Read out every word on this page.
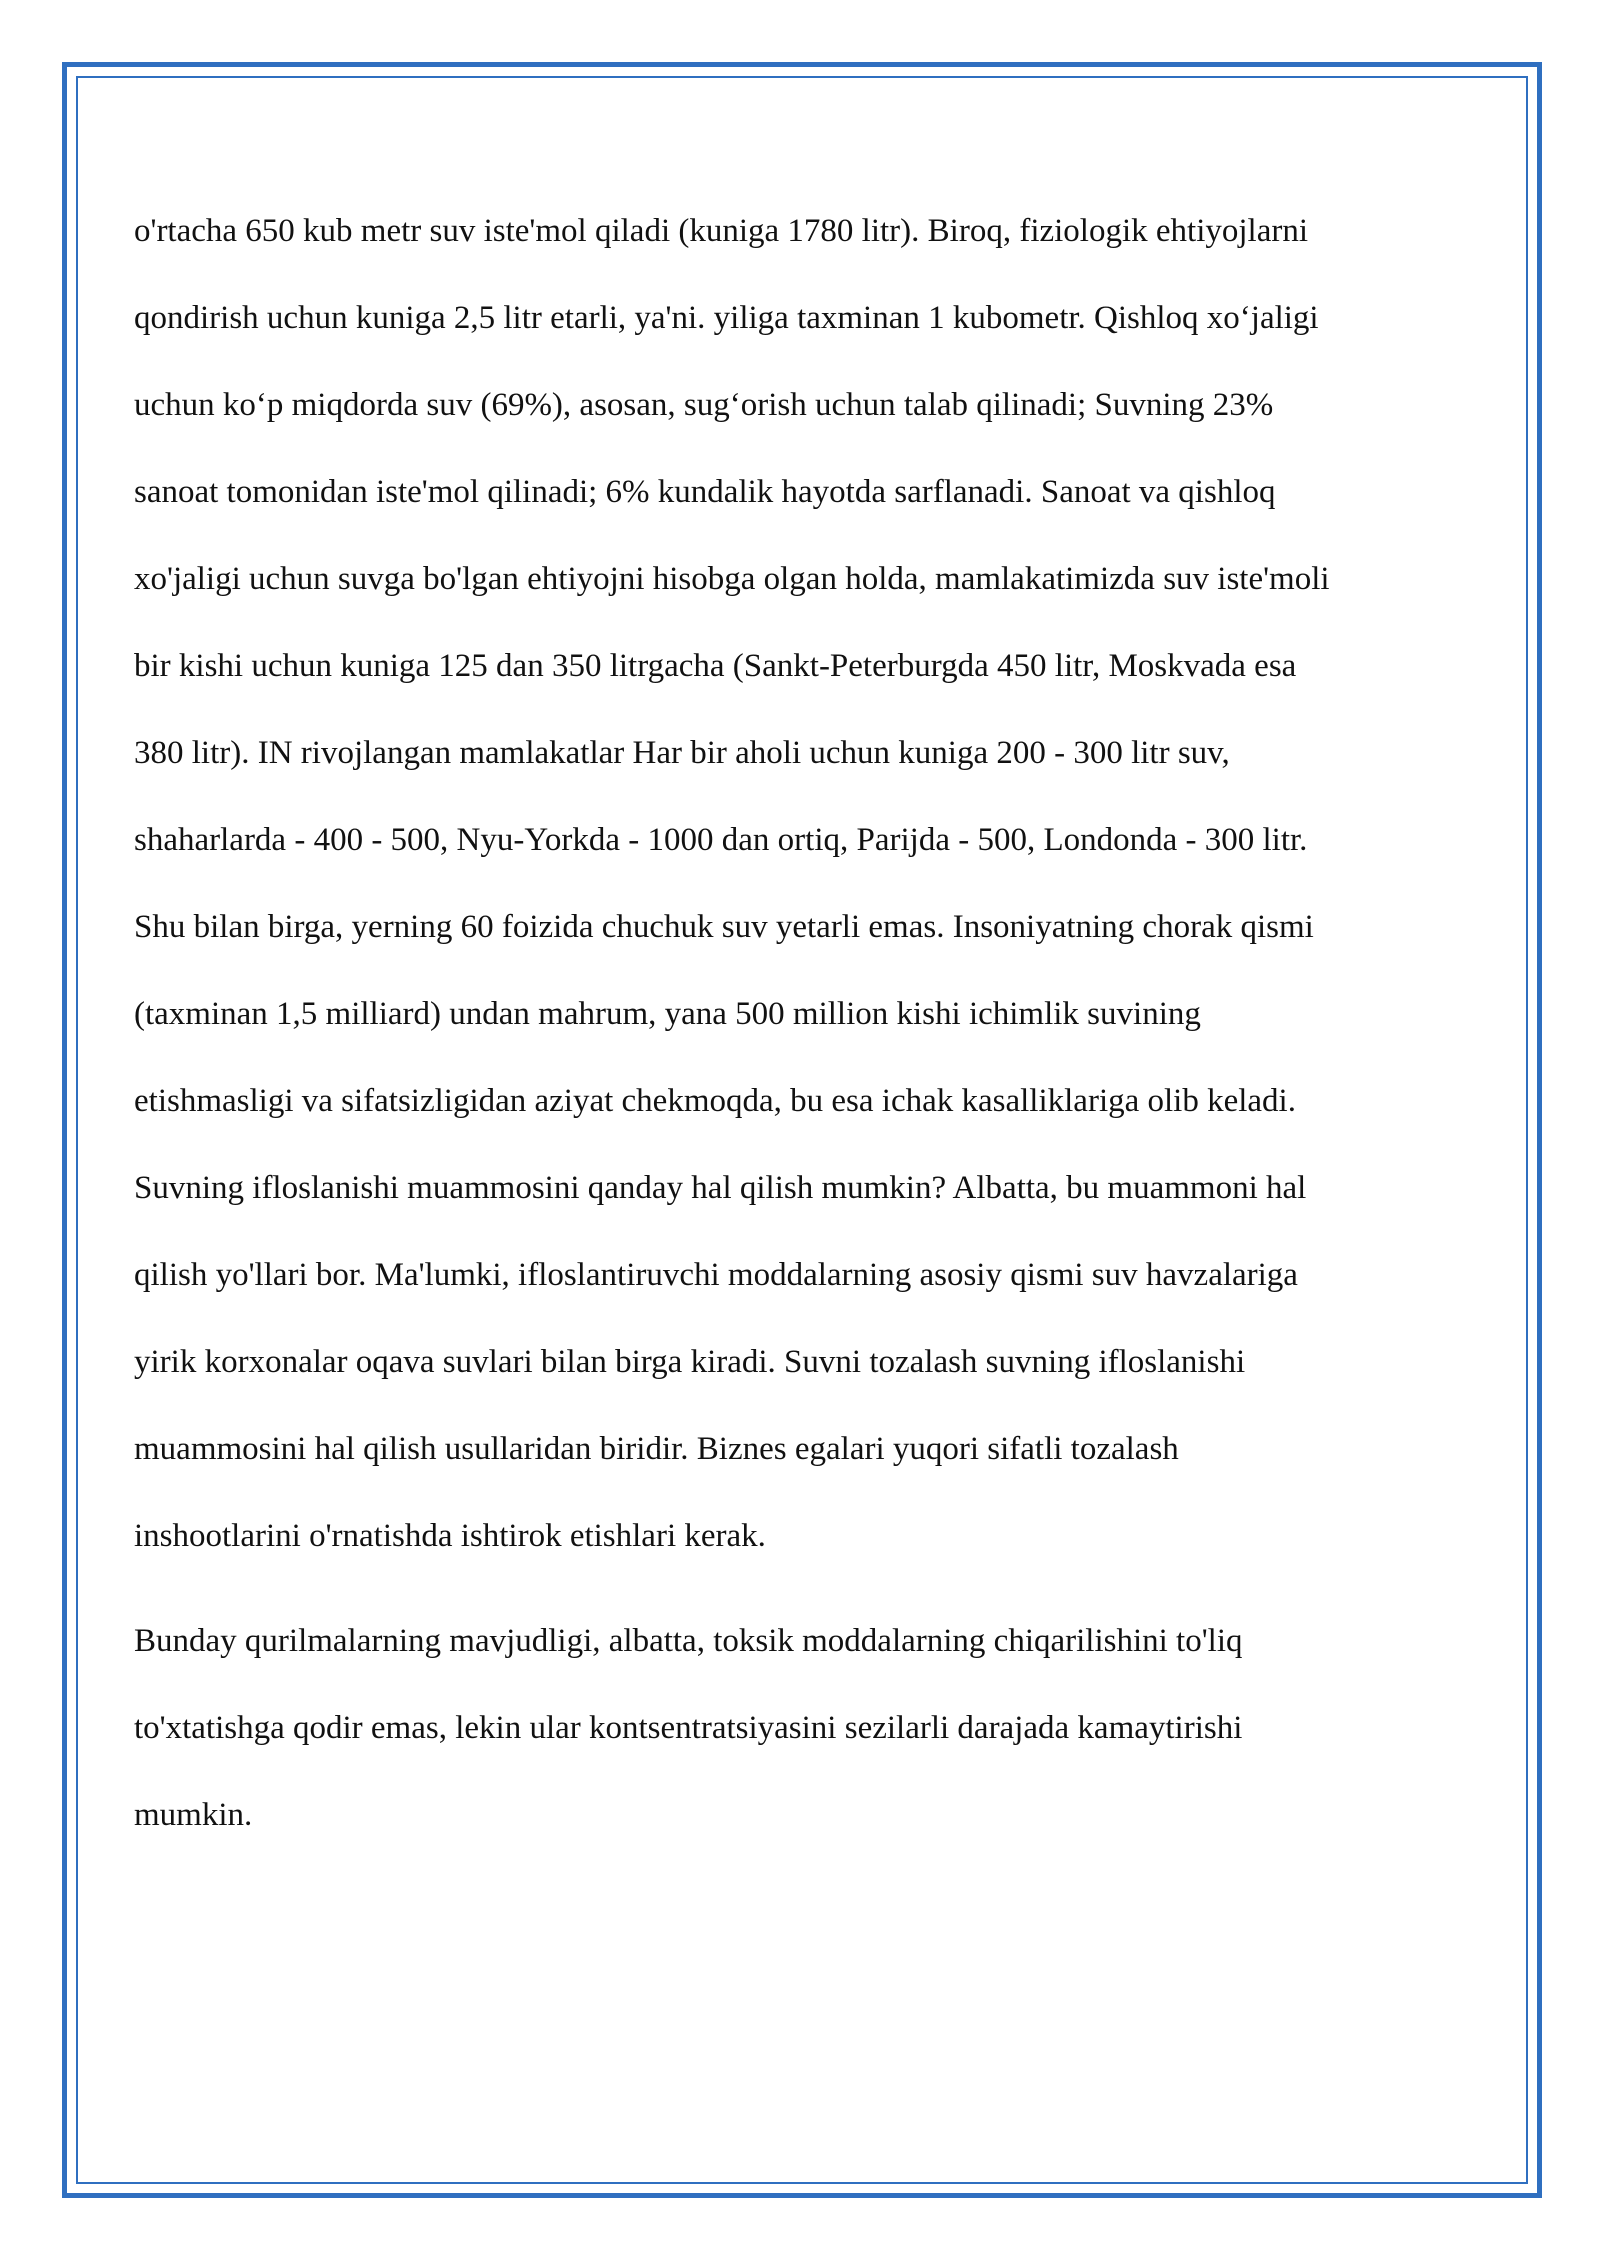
o'rtacha 650 kub metr suv iste'mol qiladi (kuniga 1780 litr). Biroq, fiziologik ehtiyojlarni
qondirish uchun kuniga 2,5 litr etarli, ya'ni. yiliga taxminan 1 kubometr. Qishloq xoʻjaligi
uchun koʻp miqdorda suv (69%), asosan, sugʻorish uchun talab qilinadi; Suvning 23%
sanoat tomonidan iste'mol qilinadi; 6% kundalik hayotda sarflanadi. Sanoat va qishloq
xo'jaligi uchun suvga bo'lgan ehtiyojni hisobga olgan holda, mamlakatimizda suv iste'moli
bir kishi uchun kuniga 125 dan 350 litrgacha (Sankt-Peterburgda 450 litr, Moskvada esa
380 litr). IN rivojlangan mamlakatlar Har bir aholi uchun kuniga 200 - 300 litr suv,
shaharlarda - 400 - 500, Nyu-Yorkda - 1000 dan ortiq, Parijda - 500, Londonda - 300 litr.
Shu bilan birga, yerning 60 foizida chuchuk suv yetarli emas. Insoniyatning chorak qismi
(taxminan 1,5 milliard) undan mahrum, yana 500 million kishi ichimlik suvining
etishmasligi va sifatsizligidan aziyat chekmoqda, bu esa ichak kasalliklariga olib keladi.
Suvning ifloslanishi muammosini qanday hal qilish mumkin? Albatta, bu muammoni hal
qilish yo'llari bor. Ma'lumki, ifloslantiruvchi moddalarning asosiy qismi suv havzalariga
yirik korxonalar oqava suvlari bilan birga kiradi. Suvni tozalash suvning ifloslanishi
muammosini hal qilish usullaridan biridir. Biznes egalari yuqori sifatli tozalash
inshootlarini o'rnatishda ishtirok etishlari kerak.

Bunday qurilmalarning mavjudligi, albatta, toksik moddalarning chiqarilishini to'liq
to'xtatishga qodir emas, lekin ular kontsentratsiyasini sezilarli darajada kamaytirishi
mumkin.
